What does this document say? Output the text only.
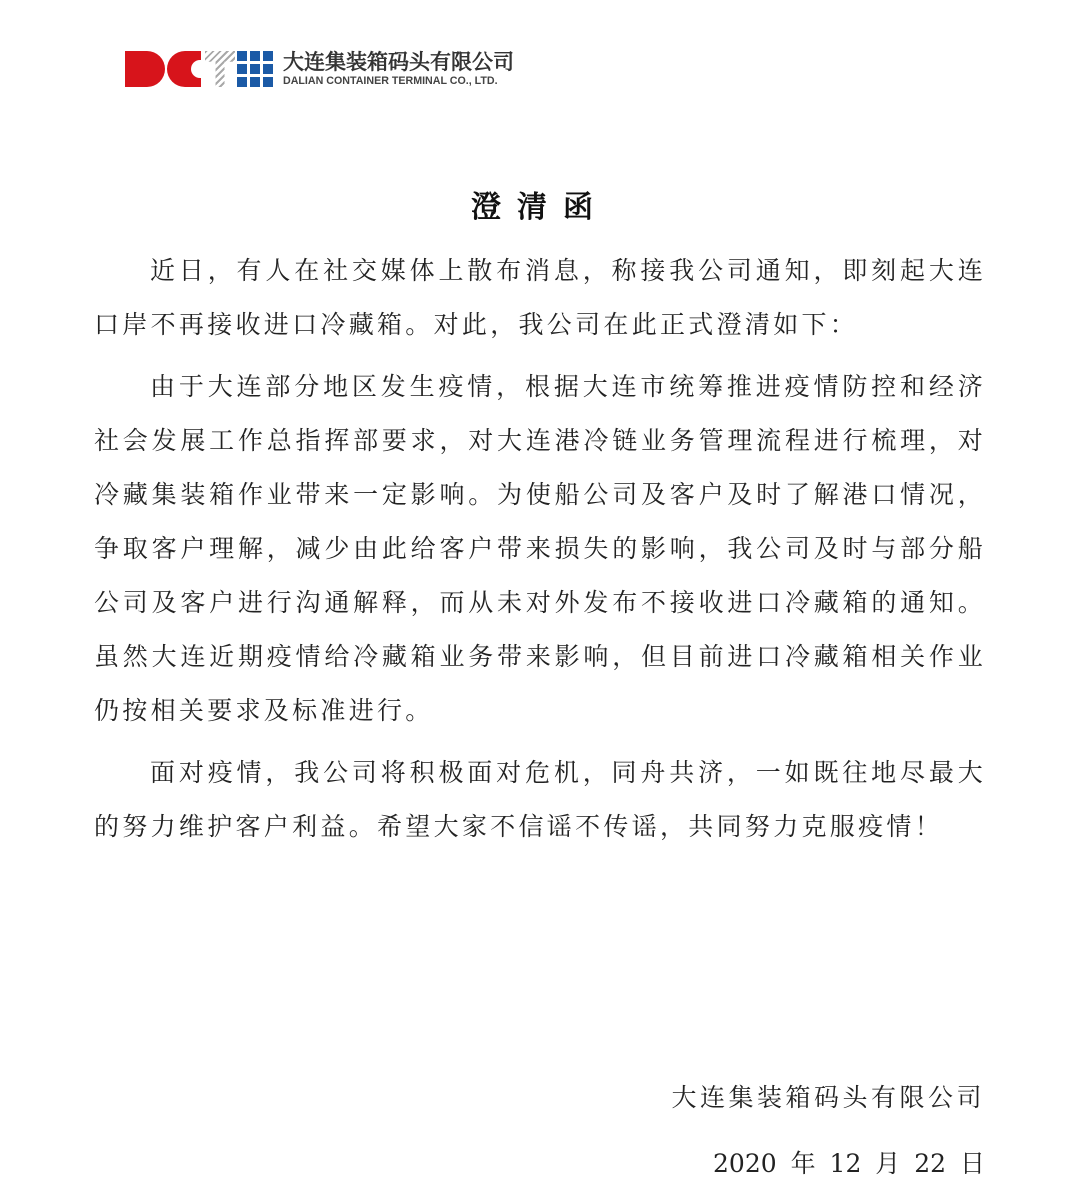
大连集装箱码头有限公司
DALIAN CONTAINER TERMINAL CO., LTD.
澄清函

近日，有人在社交媒体上散布消息，称接我公司通知，即刻起大连口岸不再接收进口冷藏箱。对此，我公司在此正式澄清如下：

由于大连部分地区发生疫情，根据大连市统筹推进疫情防控和经济社会发展工作总指挥部要求，对大连港冷链业务管理流程进行梳理，对冷藏集装箱作业带来一定影响。为使船公司及客户及时了解港口情况，争取客户理解，减少由此给客户带来损失的影响，我公司及时与部分船公司及客户进行沟通解释，而从未对外发布不接收进口冷藏箱的通知。虽然大连近期疫情给冷藏箱业务带来影响，但目前进口冷藏箱相关作业仍按相关要求及标准进行。

面对疫情，我公司将积极面对危机，同舟共济，一如既往地尽最大的努力维护客户利益。希望大家不信谣不传谣，共同努力克服疫情！

大连集装箱码头有限公司
2020 年 12 月 22 日
